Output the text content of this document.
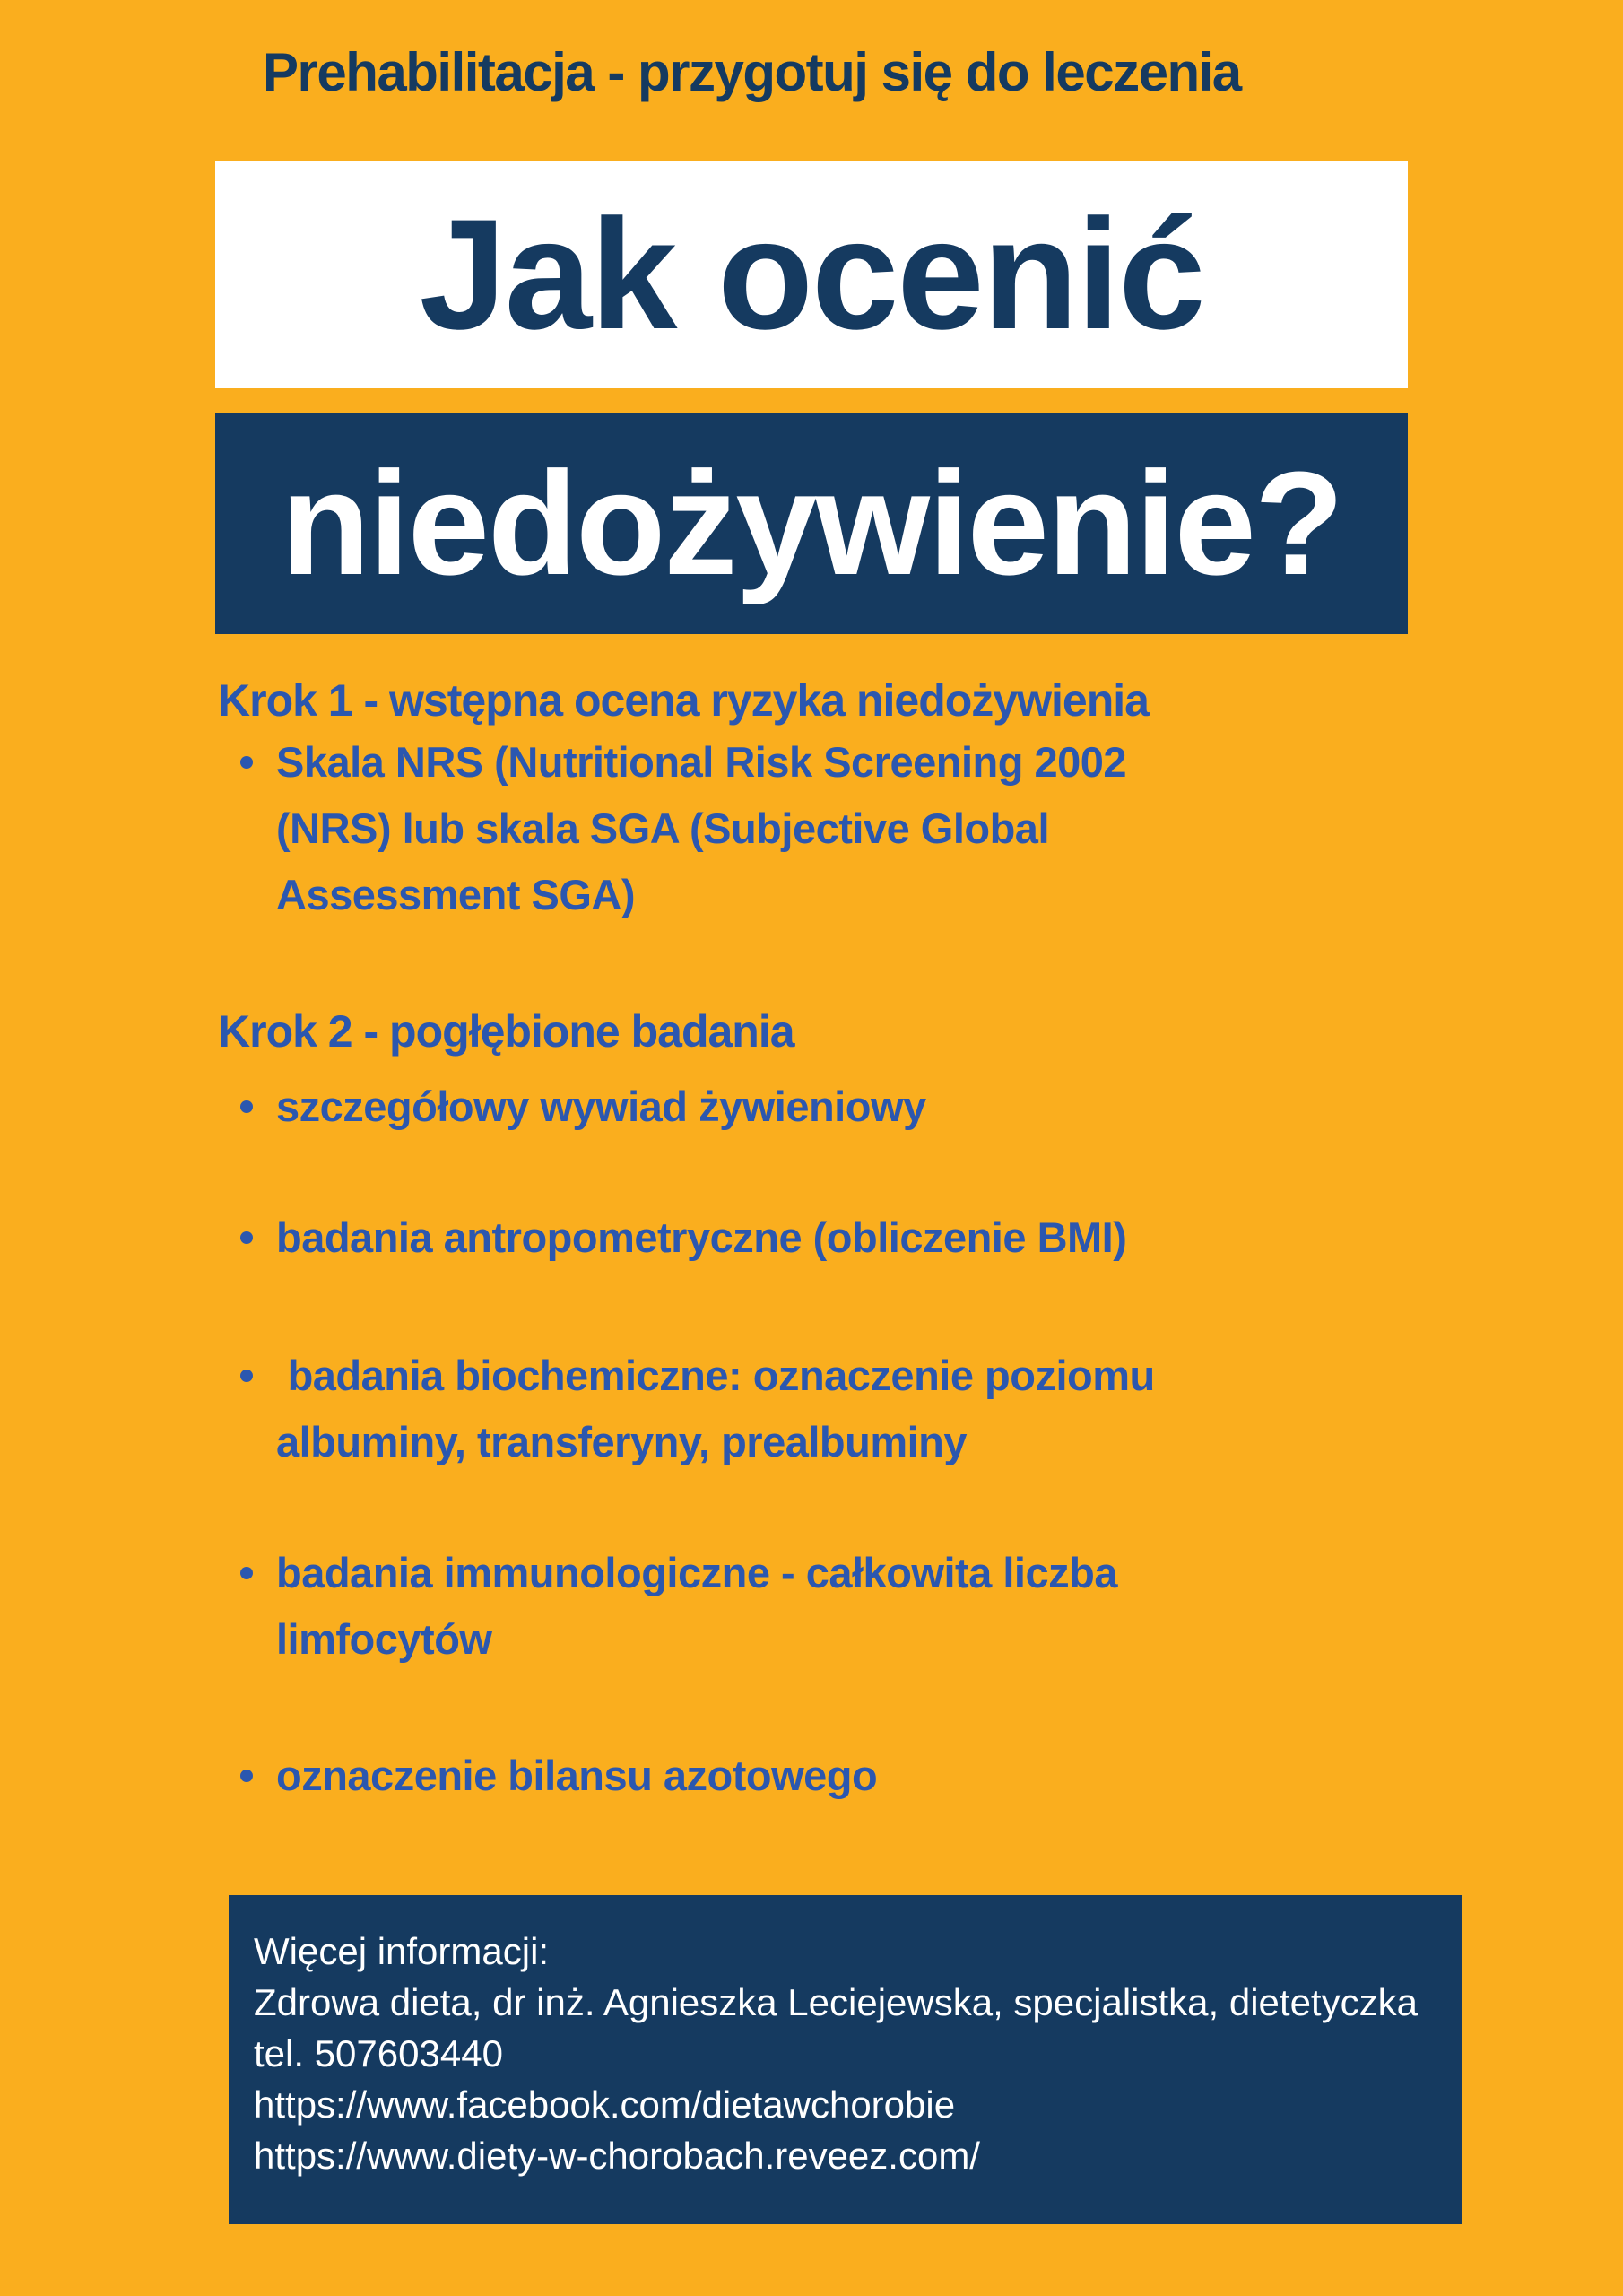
Prehabilitacja - przygotuj się do leczenia
Jak ocenić
niedożywienie?
Krok 1 - wstępna ocena ryzyka niedożywienia
Skala NRS (Nutritional Risk Screening 2002
(NRS) lub skala SGA (Subjective Global
Assessment SGA)
Krok 2 - pogłębione badania
szczegółowy wywiad żywieniowy
badania antropometryczne (obliczenie BMI)
badania biochemiczne: oznaczenie poziomu
albuminy, transferyny, prealbuminy
badania immunologiczne - całkowita liczba
limfocytów
oznaczenie bilansu azotowego
Więcej informacji:
Zdrowa dieta, dr inż. Agnieszka Leciejewska, specjalistka, dietetyczka
tel. 507603440
https://www.facebook.com/dietawchorobie
https://www.diety-w-chorobach.reveez.com/
